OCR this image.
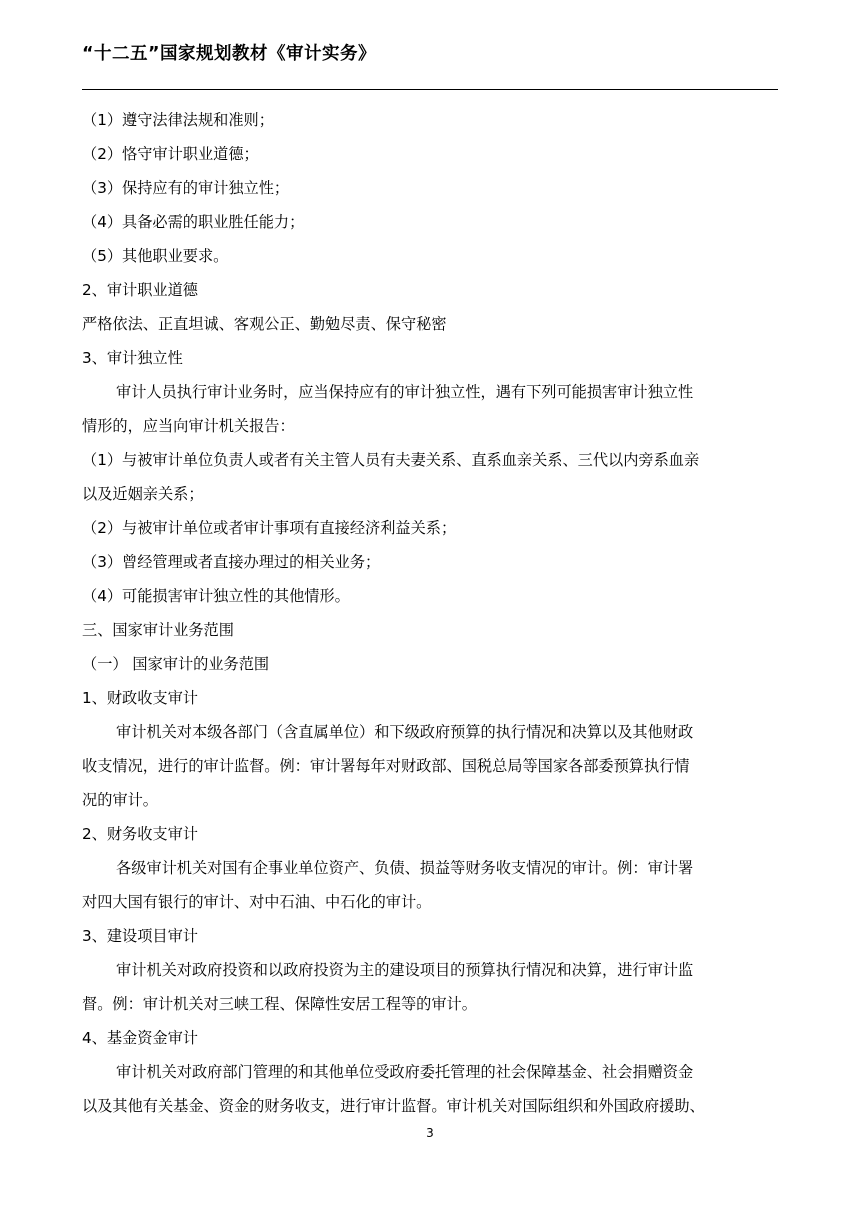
“十二五”国家规划教材《审计实务》
（1）遵守法律法规和准则；
（2）恪守审计职业道德；
（3）保持应有的审计独立性；
（4）具备必需的职业胜任能力；
（5）其他职业要求。
2、审计职业道德
严格依法、正直坦诚、客观公正、勤勉尽责、保守秘密
3、审计独立性
审计人员执行审计业务时，应当保持应有的审计独立性，遇有下列可能损害审计独立性
情形的，应当向审计机关报告：
（1）与被审计单位负责人或者有关主管人员有夫妻关系、直系血亲关系、三代以内旁系血亲
以及近姻亲关系；
（2）与被审计单位或者审计事项有直接经济利益关系；
（3）曾经管理或者直接办理过的相关业务；
（4）可能损害审计独立性的其他情形。
三、国家审计业务范围
（一） 国家审计的业务范围
1、财政收支审计
审计机关对本级各部门（含直属单位）和下级政府预算的执行情况和决算以及其他财政
收支情况，进行的审计监督。例：审计署每年对财政部、国税总局等国家各部委预算执行情
况的审计。
2、财务收支审计
各级审计机关对国有企事业单位资产、负债、损益等财务收支情况的审计。例：审计署
对四大国有银行的审计、对中石油、中石化的审计。
3、建设项目审计
审计机关对政府投资和以政府投资为主的建设项目的预算执行情况和决算，进行审计监
督。例：审计机关对三峡工程、保障性安居工程等的审计。
4、基金资金审计
审计机关对政府部门管理的和其他单位受政府委托管理的社会保障基金、社会捐赠资金
以及其他有关基金、资金的财务收支，进行审计监督。审计机关对国际组织和外国政府援助、
3
